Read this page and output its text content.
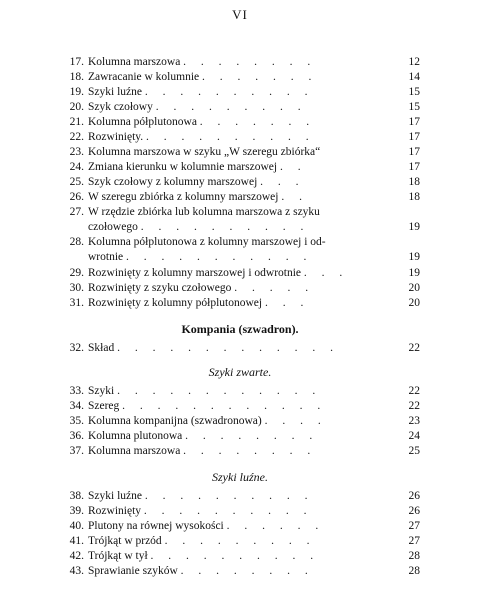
VI
17. Kolumna marszowa . . . . . . . .	12
18. Zawracanie w kolumnie . . . . . . .	14
19. Szyki luźne . . . . . . . . . .	15
20. Szyk czołowy . . . . . . . . .	15
21. Kolumna półplutonowa . . . . . . .	17
22. Rozwinięty. . . . . . . . . . .	17
23. Kolumna marszowa w szyku „W szeregu zbiórka“	17
24. Zmiana kierunku w kolumnie marszowej . .	17
25. Szyk czołowy z kolumny marszowej . . .	18
26. W szeregu zbiórka z kolumny marszowej . .	18
27. W rzędzie zbiórka lub kolumna marszowa z szyku
czołowego . . . . . . . . . .	19
28. Kolumna półplutonowa z kolumny marszowej i od-
wrotnie . . . . . . . . . . .	19
29. Rozwinięty z kolumny marszowej i odwrotnie . . .	19
30. Rozwinięty z szyku czołowego . . . . .	20
31. Rozwinięty z kolumny półplutonowej . . .	20
Kompania (szwadron).
32. Skład . . . . . . . . . . . . .	22
Szyki zwarte.
33. Szyki . . . . . . . . . . . .	22
34. Szereg . . . . . . . . . . . .	22
35. Kolumna kompanijna (szwadronowa) . . . .	23
36. Kolumna plutonowa . . . . . . . .	24
37. Kolumna marszowa . . . . . . . .	25
Szyki luźne.
38. Szyki luźne . . . . . . . . . .	26
39. Rozwinięty . . . . . . . . . .	26
40. Plutony na równej wysokości . . . . . .	27
41. Trójkąt w przód . . . . . . . . .	27
42. Trójkąt w tył . . . . . . . . . .	28
43. Sprawianie szyków . . . . . . . .	28
